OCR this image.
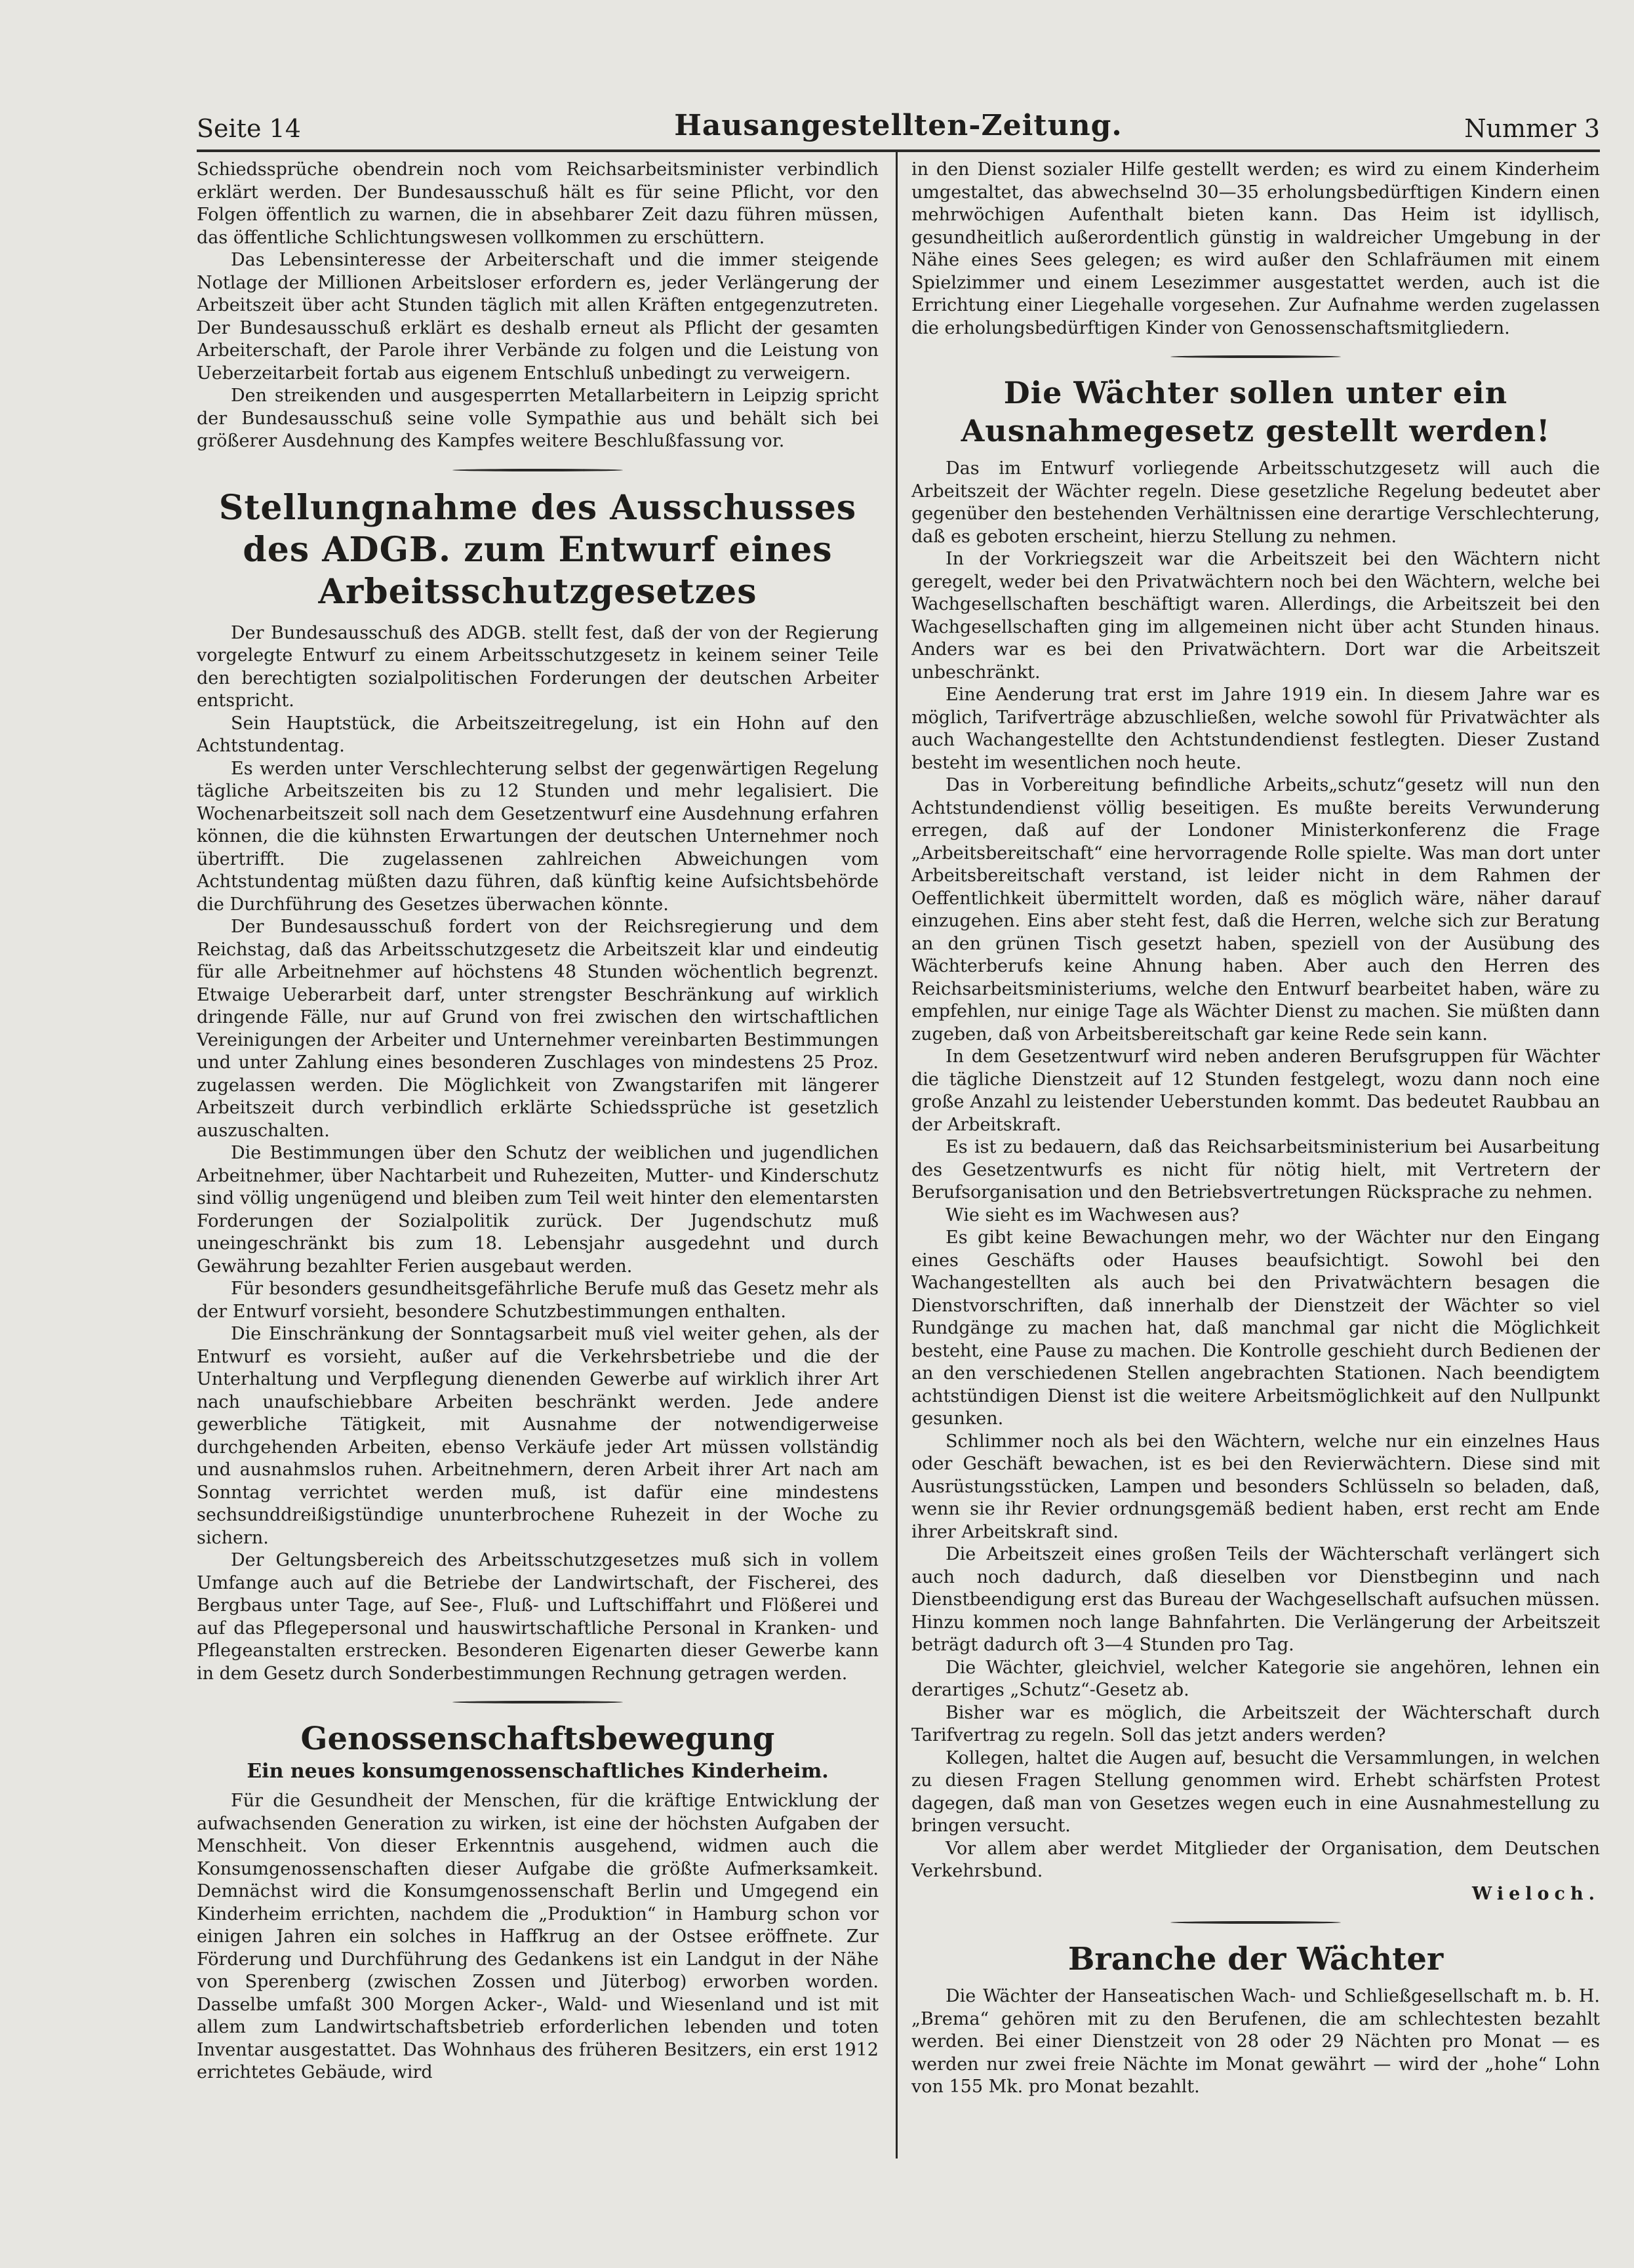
Seite 14	Hausangestellten-Zeitung.	Nummer 3

Schiedssprüche obendrein noch vom Reichsarbeitsminister verbindlich erklärt werden. Der Bundesausschuß hält es für seine Pflicht, vor den Folgen öffentlich zu warnen, die in absehbarer Zeit dazu führen müssen, das öffentliche Schlichtungswesen vollkommen zu erschüttern.

Das Lebensinteresse der Arbeiterschaft und die immer steigende Notlage der Millionen Arbeitsloser erfordern es, jeder Verlängerung der Arbeitszeit über acht Stunden täglich mit allen Kräften entgegenzutreten. Der Bundesausschuß erklärt es deshalb erneut als Pflicht der gesamten Arbeiterschaft, der Parole ihrer Verbände zu folgen und die Leistung von Ueberzeitarbeit fortab aus eigenem Entschluß unbedingt zu verweigern.

Den streikenden und ausgesperrten Metallarbeitern in Leipzig spricht der Bundesausschuß seine volle Sympathie aus und behält sich bei größerer Ausdehnung des Kampfes weitere Beschlußfassung vor.

Stellungnahme des Ausschusses des ADGB. zum Entwurf eines Arbeitsschutzgesetzes

Der Bundesausschuß des ADGB. stellt fest, daß der von der Regierung vorgelegte Entwurf zu einem Arbeitsschutzgesetz in keinem seiner Teile den berechtigten sozialpolitischen Forderungen der deutschen Arbeiter entspricht.

Sein Hauptstück, die Arbeitszeitregelung, ist ein Hohn auf den Achtstundentag.

Es werden unter Verschlechterung selbst der gegenwärtigen Regelung tägliche Arbeitszeiten bis zu 12 Stunden und mehr legalisiert. Die Wochenarbeitszeit soll nach dem Gesetzentwurf eine Ausdehnung erfahren können, die die kühnsten Erwartungen der deutschen Unternehmer noch übertrifft. Die zugelassenen zahlreichen Abweichungen vom Achtstundentag müßten dazu führen, daß künftig keine Aufsichtsbehörde die Durchführung des Gesetzes überwachen könnte.

Der Bundesausschuß fordert von der Reichsregierung und dem Reichstag, daß das Arbeitsschutzgesetz die Arbeitszeit klar und eindeutig für alle Arbeitnehmer auf höchstens 48 Stunden wöchentlich begrenzt. Etwaige Ueberarbeit darf, unter strengster Beschränkung auf wirklich dringende Fälle, nur auf Grund von frei zwischen den wirtschaftlichen Vereinigungen der Arbeiter und Unternehmer vereinbarten Bestimmungen und unter Zahlung eines besonderen Zuschlages von mindestens 25 Proz. zugelassen werden. Die Möglichkeit von Zwangstarifen mit längerer Arbeitszeit durch verbindlich erklärte Schiedssprüche ist gesetzlich auszuschalten.

Die Bestimmungen über den Schutz der weiblichen und jugendlichen Arbeitnehmer, über Nachtarbeit und Ruhezeiten, Mutter- und Kinderschutz sind völlig ungenügend und bleiben zum Teil weit hinter den elementarsten Forderungen der Sozialpolitik zurück. Der Jugendschutz muß uneingeschränkt bis zum 18. Lebensjahr ausgedehnt und durch Gewährung bezahlter Ferien ausgebaut werden.

Für besonders gesundheitsgefährliche Berufe muß das Gesetz mehr als der Entwurf vorsieht, besondere Schutzbestimmungen enthalten.

Die Einschränkung der Sonntagsarbeit muß viel weiter gehen, als der Entwurf es vorsieht, außer auf die Verkehrsbetriebe und die der Unterhaltung und Verpflegung dienenden Gewerbe auf wirklich ihrer Art nach unaufschiebbare Arbeiten beschränkt werden. Jede andere gewerbliche Tätigkeit, mit Ausnahme der notwendigerweise durchgehenden Arbeiten, ebenso Verkäufe jeder Art müssen vollständig und ausnahmslos ruhen. Arbeitnehmern, deren Arbeit ihrer Art nach am Sonntag verrichtet werden muß, ist dafür eine mindestens sechsunddreißigstündige ununterbrochene Ruhezeit in der Woche zu sichern.

Der Geltungsbereich des Arbeitsschutzgesetzes muß sich in vollem Umfange auch auf die Betriebe der Landwirtschaft, der Fischerei, des Bergbaus unter Tage, auf See-, Fluß- und Luftschiffahrt und Flößerei und auf das Pflegepersonal und hauswirtschaftliche Personal in Kranken- und Pflegeanstalten erstrecken. Besonderen Eigenarten dieser Gewerbe kann in dem Gesetz durch Sonderbestimmungen Rechnung getragen werden.

Genossenschaftsbewegung
Ein neues konsumgenossenschaftliches Kinderheim.

Für die Gesundheit der Menschen, für die kräftige Entwicklung der aufwachsenden Generation zu wirken, ist eine der höchsten Aufgaben der Menschheit. Von dieser Erkenntnis ausgehend, widmen auch die Konsumgenossenschaften dieser Aufgabe die größte Aufmerksamkeit. Demnächst wird die Konsumgenossenschaft Berlin und Umgegend ein Kinderheim errichten, nachdem die „Produktion“ in Hamburg schon vor einigen Jahren ein solches in Haffkrug an der Ostsee eröffnete. Zur Förderung und Durchführung des Gedankens ist ein Landgut in der Nähe von Sperenberg (zwischen Zossen und Jüterbog) erworben worden. Dasselbe umfaßt 300 Morgen Acker-, Wald- und Wiesenland und ist mit allem zum Landwirtschaftsbetrieb erforderlichen lebenden und toten Inventar ausgestattet. Das Wohnhaus des früheren Besitzers, ein erst 1912 errichtetes Gebäude, wird

in den Dienst sozialer Hilfe gestellt werden; es wird zu einem Kinderheim umgestaltet, das abwechselnd 30—35 erholungsbedürftigen Kindern einen mehrwöchigen Aufenthalt bieten kann. Das Heim ist idyllisch, gesundheitlich außerordentlich günstig in waldreicher Umgebung in der Nähe eines Sees gelegen; es wird außer den Schlafräumen mit einem Spielzimmer und einem Lesezimmer ausgestattet werden, auch ist die Errichtung einer Liegehalle vorgesehen. Zur Aufnahme werden zugelassen die erholungsbedürftigen Kinder von Genossenschaftsmitgliedern.

Die Wächter sollen unter ein Ausnahmegesetz gestellt werden!

Das im Entwurf vorliegende Arbeitsschutzgesetz will auch die Arbeitszeit der Wächter regeln. Diese gesetzliche Regelung bedeutet aber gegenüber den bestehenden Verhältnissen eine derartige Verschlechterung, daß es geboten erscheint, hierzu Stellung zu nehmen.

In der Vorkriegszeit war die Arbeitszeit bei den Wächtern nicht geregelt, weder bei den Privatwächtern noch bei den Wächtern, welche bei Wachgesellschaften beschäftigt waren. Allerdings, die Arbeitszeit bei den Wachgesellschaften ging im allgemeinen nicht über acht Stunden hinaus. Anders war es bei den Privatwächtern. Dort war die Arbeitszeit unbeschränkt.

Eine Aenderung trat erst im Jahre 1919 ein. In diesem Jahre war es möglich, Tarifverträge abzuschließen, welche sowohl für Privatwächter als auch Wachangestellte den Achtstundendienst festlegten. Dieser Zustand besteht im wesentlichen noch heute.

Das in Vorbereitung befindliche Arbeits„schutz“gesetz will nun den Achtstundendienst völlig beseitigen. Es mußte bereits Verwunderung erregen, daß auf der Londoner Ministerkonferenz die Frage „Arbeitsbereitschaft“ eine hervorragende Rolle spielte. Was man dort unter Arbeitsbereitschaft verstand, ist leider nicht in dem Rahmen der Oeffentlichkeit übermittelt worden, daß es möglich wäre, näher darauf einzugehen. Eins aber steht fest, daß die Herren, welche sich zur Beratung an den grünen Tisch gesetzt haben, speziell von der Ausübung des Wächterberufs keine Ahnung haben. Aber auch den Herren des Reichsarbeitsministeriums, welche den Entwurf bearbeitet haben, wäre zu empfehlen, nur einige Tage als Wächter Dienst zu machen. Sie müßten dann zugeben, daß von Arbeitsbereitschaft gar keine Rede sein kann.

In dem Gesetzentwurf wird neben anderen Berufsgruppen für Wächter die tägliche Dienstzeit auf 12 Stunden festgelegt, wozu dann noch eine große Anzahl zu leistender Ueberstunden kommt. Das bedeutet Raubbau an der Arbeitskraft.

Es ist zu bedauern, daß das Reichsarbeitsministerium bei Ausarbeitung des Gesetzentwurfs es nicht für nötig hielt, mit Vertretern der Berufsorganisation und den Betriebsvertretungen Rücksprache zu nehmen.

Wie sieht es im Wachwesen aus?

Es gibt keine Bewachungen mehr, wo der Wächter nur den Eingang eines Geschäfts oder Hauses beaufsichtigt. Sowohl bei den Wachangestellten als auch bei den Privatwächtern besagen die Dienstvorschriften, daß innerhalb der Dienstzeit der Wächter so viel Rundgänge zu machen hat, daß manchmal gar nicht die Möglichkeit besteht, eine Pause zu machen. Die Kontrolle geschieht durch Bedienen der an den verschiedenen Stellen angebrachten Stationen. Nach beendigtem achtstündigen Dienst ist die weitere Arbeitsmöglichkeit auf den Nullpunkt gesunken.

Schlimmer noch als bei den Wächtern, welche nur ein einzelnes Haus oder Geschäft bewachen, ist es bei den Revierwächtern. Diese sind mit Ausrüstungsstücken, Lampen und besonders Schlüsseln so beladen, daß, wenn sie ihr Revier ordnungsgemäß bedient haben, erst recht am Ende ihrer Arbeitskraft sind.

Die Arbeitszeit eines großen Teils der Wächterschaft verlängert sich auch noch dadurch, daß dieselben vor Dienstbeginn und nach Dienstbeendigung erst das Bureau der Wachgesellschaft aufsuchen müssen. Hinzu kommen noch lange Bahnfahrten. Die Verlängerung der Arbeitszeit beträgt dadurch oft 3—4 Stunden pro Tag.

Die Wächter, gleichviel, welcher Kategorie sie angehören, lehnen ein derartiges „Schutz“-Gesetz ab.

Bisher war es möglich, die Arbeitszeit der Wächterschaft durch Tarifvertrag zu regeln. Soll das jetzt anders werden?

Kollegen, haltet die Augen auf, besucht die Versammlungen, in welchen zu diesen Fragen Stellung genommen wird. Erhebt schärfsten Protest dagegen, daß man von Gesetzes wegen euch in eine Ausnahmestellung zu bringen versucht.

Vor allem aber werdet Mitglieder der Organisation, dem Deutschen Verkehrsbund.

Wieloch.

Branche der Wächter

Die Wächter der Hanseatischen Wach- und Schließgesellschaft m. b. H. „Brema“ gehören mit zu den Berufenen, die am schlechtesten bezahlt werden. Bei einer Dienstzeit von 28 oder 29 Nächten pro Monat — es werden nur zwei freie Nächte im Monat gewährt — wird der „hohe“ Lohn von 155 Mk. pro Monat bezahlt.
